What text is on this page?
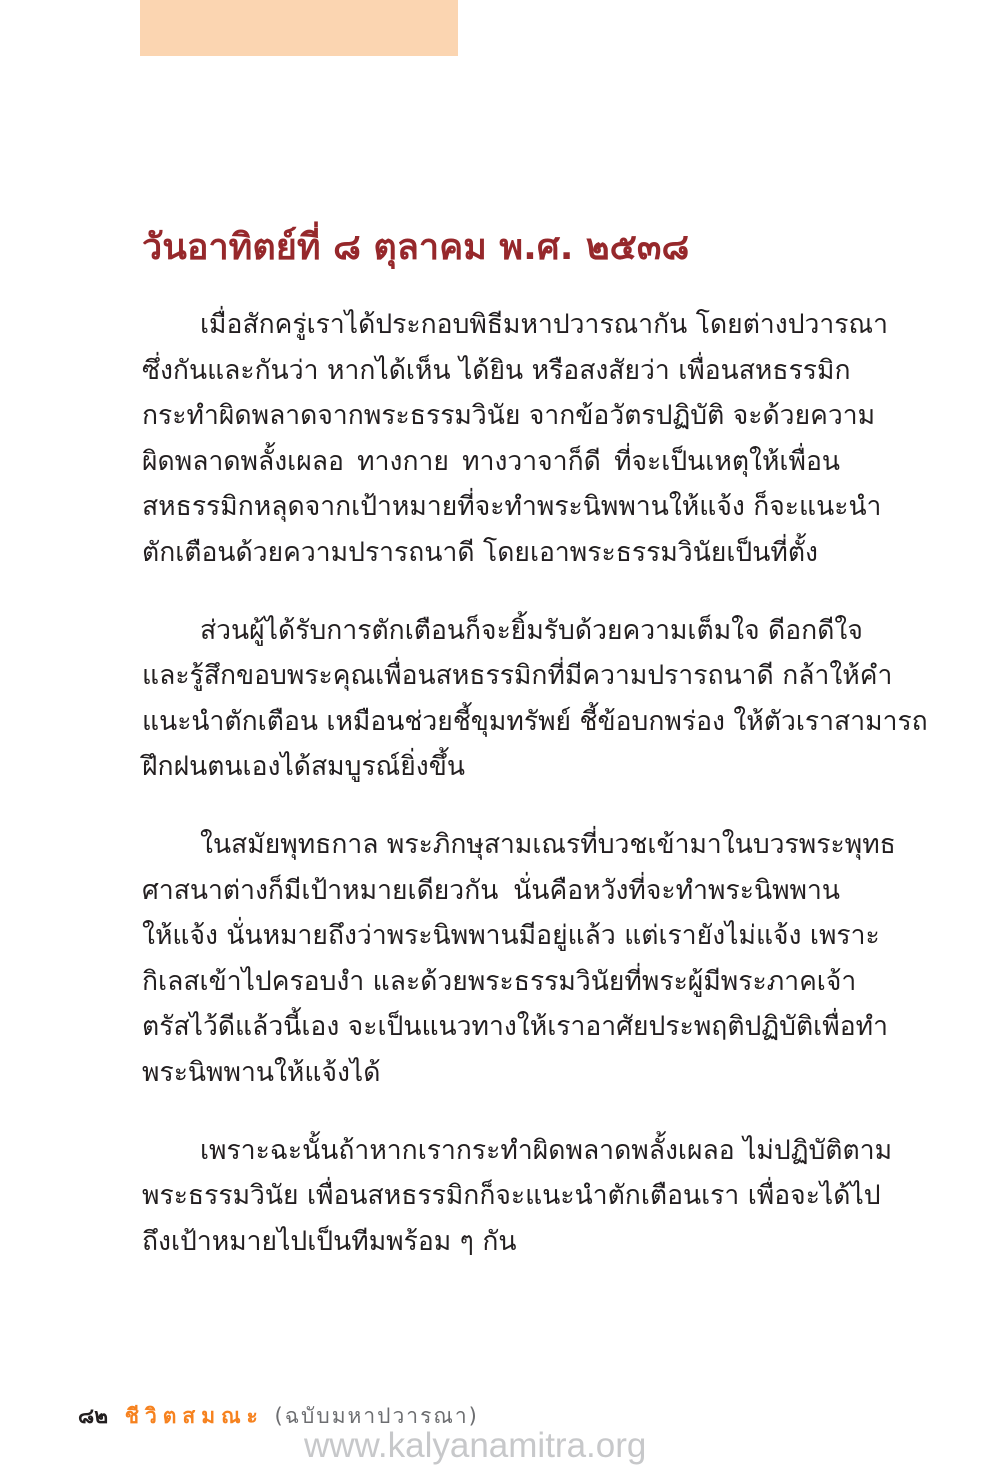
วันอาทิตย์ที่ ๘ ตุลาคม พ.ศ. ๒๕๓๘
เมื่อสักครู่เราได้ประกอบพิธีมหาปวารณากัน โดยต่างปวารณา
ซึ่งกันและกันว่า หากได้เห็น ได้ยิน หรือสงสัยว่า เพื่อนสหธรรมิก
กระทำผิดพลาดจากพระธรรมวินัย จากข้อวัตรปฏิบัติ จะด้วยความ
ผิดพลาดพลั้งเผลอ ทางกาย ทางวาจาก็ดี ที่จะเป็นเหตุให้เพื่อน
สหธรรมิกหลุดจากเป้าหมายที่จะทำพระนิพพานให้แจ้ง ก็จะแนะนำ
ตักเตือนด้วยความปรารถนาดี โดยเอาพระธรรมวินัยเป็นที่ตั้ง
ส่วนผู้ได้รับการตักเตือนก็จะยิ้มรับด้วยความเต็มใจ ดีอกดีใจ
และรู้สึกขอบพระคุณเพื่อนสหธรรมิกที่มีความปรารถนาดี กล้าให้คำ
แนะนำตักเตือน เหมือนช่วยชี้ขุมทรัพย์ ชี้ข้อบกพร่อง ให้ตัวเราสามารถ
ฝึกฝนตนเองได้สมบูรณ์ยิ่งขึ้น
ในสมัยพุทธกาล พระภิกษุสามเณรที่บวชเข้ามาในบวรพระพุทธ
ศาสนาต่างก็มีเป้าหมายเดียวกัน นั่นคือหวังที่จะทำพระนิพพาน
ให้แจ้ง นั่นหมายถึงว่าพระนิพพานมีอยู่แล้ว แต่เรายังไม่แจ้ง เพราะ
กิเลสเข้าไปครอบงำ และด้วยพระธรรมวินัยที่พระผู้มีพระภาคเจ้า
ตรัสไว้ดีแล้วนี้เอง จะเป็นแนวทางให้เราอาศัยประพฤติปฏิบัติเพื่อทำ
พระนิพพานให้แจ้งได้
เพราะฉะนั้นถ้าหากเรากระทำผิดพลาดพลั้งเผลอ ไม่ปฏิบัติตาม
พระธรรมวินัย เพื่อนสหธรรมิกก็จะแนะนำตักเตือนเรา เพื่อจะได้ไป
ถึงเป้าหมายไปเป็นทีมพร้อม ๆ กัน
๘๒ ชีวิตสมณะ (ฉบับมหาปวารณา)
www.kalyanamitra.org
